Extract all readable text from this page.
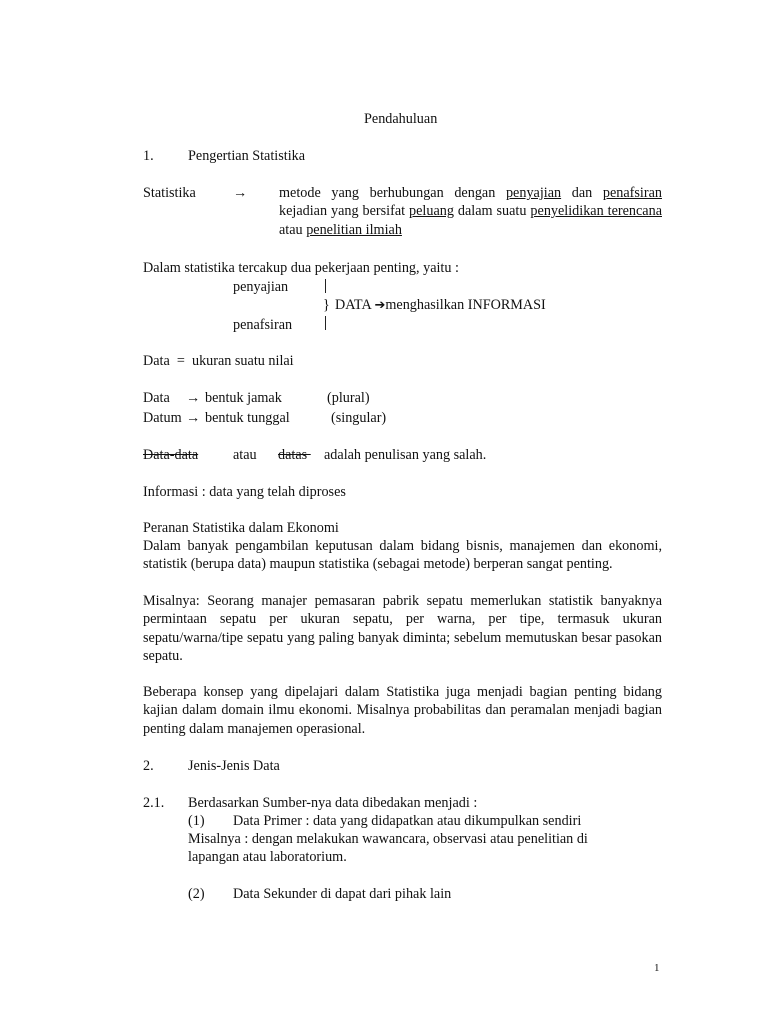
Pendahuluan
1. Pengertian Statistika
Statistika	→ metode yang berhubungan dengan penyajian dan penafsiran kejadian yang bersifat peluang dalam suatu penyelidikan terencana atau penelitian ilmiah
Dalam statistika tercakup dua pekerjaan penting, yaitu :
penyajian
} DATA ➔menghasilkan INFORMASI
penafsiran
Data  =  ukuran suatu nilai
Data → bentuk jamak	(plural)
Datum → bentuk tunggal	(singular)
Data-data atau datas adalah penulisan yang salah.
Informasi : data yang telah diproses
Peranan Statistika dalam Ekonomi
Dalam banyak pengambilan keputusan dalam bidang bisnis, manajemen dan ekonomi, statistik (berupa data) maupun statistika (sebagai metode) berperan sangat penting.
Misalnya: Seorang manajer pemasaran pabrik sepatu memerlukan statistik banyaknya permintaan sepatu per ukuran sepatu, per warna, per tipe, termasuk ukuran sepatu/warna/tipe sepatu yang paling banyak diminta; sebelum memutuskan besar pasokan sepatu.
Beberapa konsep yang dipelajari dalam Statistika juga menjadi bagian penting bidang kajian dalam domain ilmu ekonomi. Misalnya probabilitas dan peramalan menjadi bagian penting dalam manajemen operasional.
2. Jenis-Jenis Data
2.1. Berdasarkan Sumber-nya data dibedakan menjadi :
(1) Data Primer : data yang didapatkan atau dikumpulkan sendiri
Misalnya : dengan melakukan wawancara, observasi atau penelitian di lapangan atau laboratorium.
(2) Data Sekunder di dapat dari pihak lain
1
